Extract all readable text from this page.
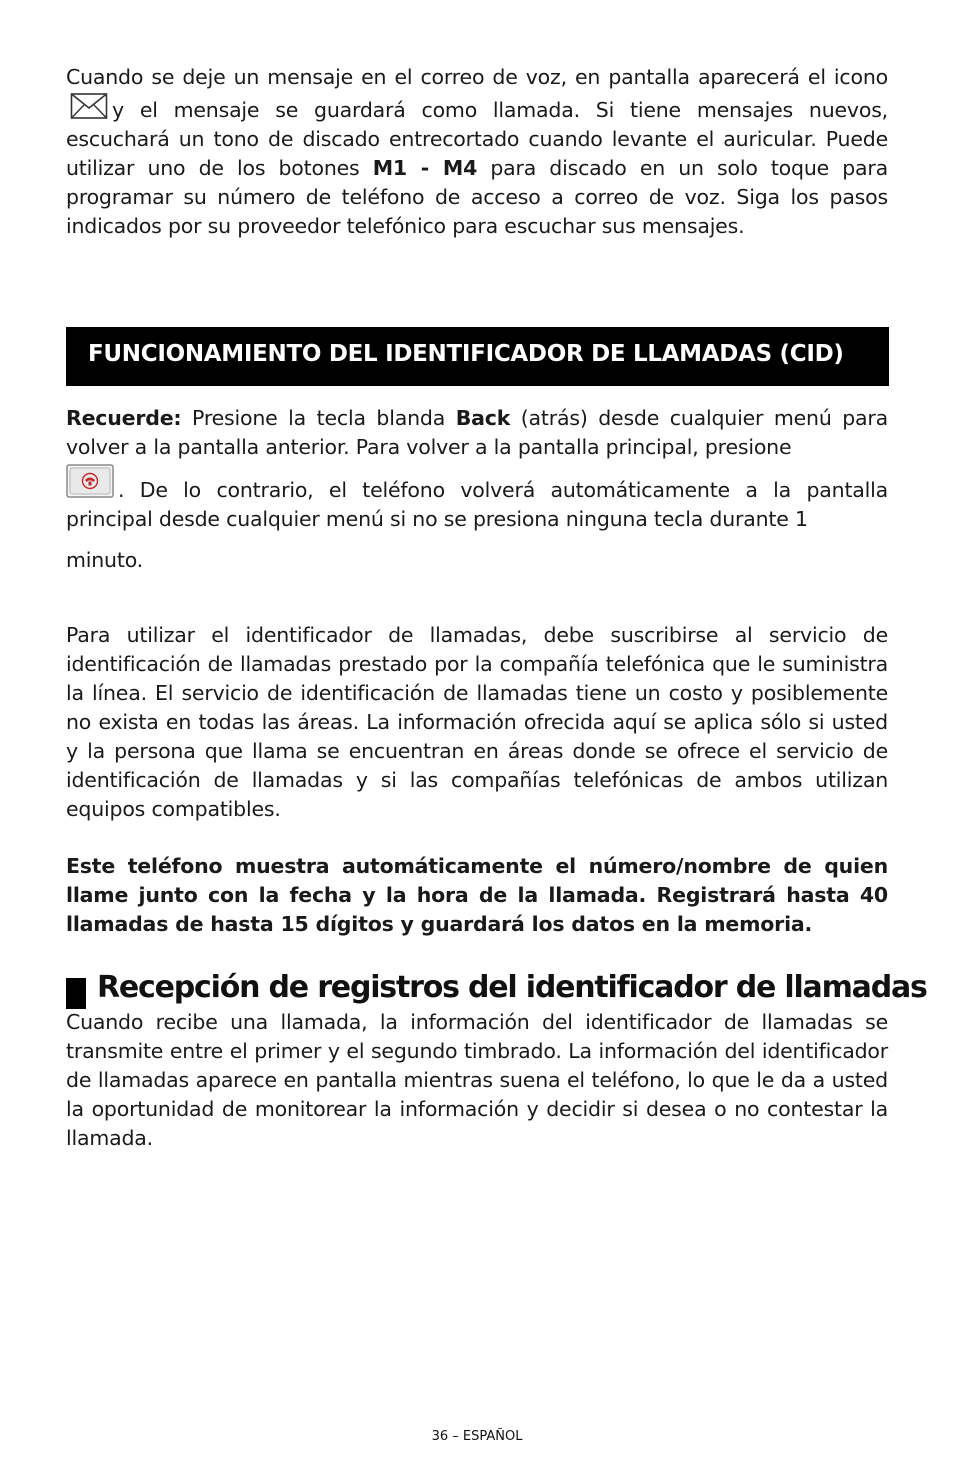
Cuando se deje un mensaje en el correo de voz, en pantalla aparecerá el iconoy el mensaje se guardará como llamada. Si tiene mensajes nuevos, escuchará un tono de discado entrecortado cuando levante el auricular. Puede utilizar uno de los botones M1 - M4 para discado en un solo toque para programar su número de teléfono de acceso a correo de voz. Siga los pasos indicados por su proveedor telefónico para escuchar sus mensajes.

FUNCIONAMIENTO DEL IDENTIFICADOR DE LLAMADAS (CID)

Recuerde: Presione la tecla blanda Back (atrás) desde cualquier menú para volver a la pantalla anterior. Para volver a la pantalla principal, presione

. De lo contrario, el teléfono volverá automáticamente a la pantalla principal desde cualquier menú si no se presiona ninguna tecla durante 1

minuto.

Para utilizar el identificador de llamadas, debe suscribirse al servicio de identificación de llamadas prestado por la compañía telefónica que le suministra la línea. El servicio de identificación de llamadas tiene un costo y posiblemente no exista en todas las áreas. La información ofrecida aquí se aplica sólo si usted y la persona que llama se encuentran en áreas donde se ofrece el servicio de identificación de llamadas y si las compañías telefónicas de ambos utilizan equipos compatibles.

Este teléfono muestra automáticamente el número/nombre de quien llame junto con la fecha y la hora de la llamada. Registrará hasta 40 llamadas de hasta 15 dígitos y guardará los datos en la memoria.

Recepción de registros del identificador de llamadas

Cuando recibe una llamada, la información del identificador de llamadas se transmite entre el primer y el segundo timbrado. La información del identificador de llamadas aparece en pantalla mientras suena el teléfono, lo que le da a usted la oportunidad de monitorear la información y decidir si desea o no contestar la llamada.

36 – ESPAÑOL
